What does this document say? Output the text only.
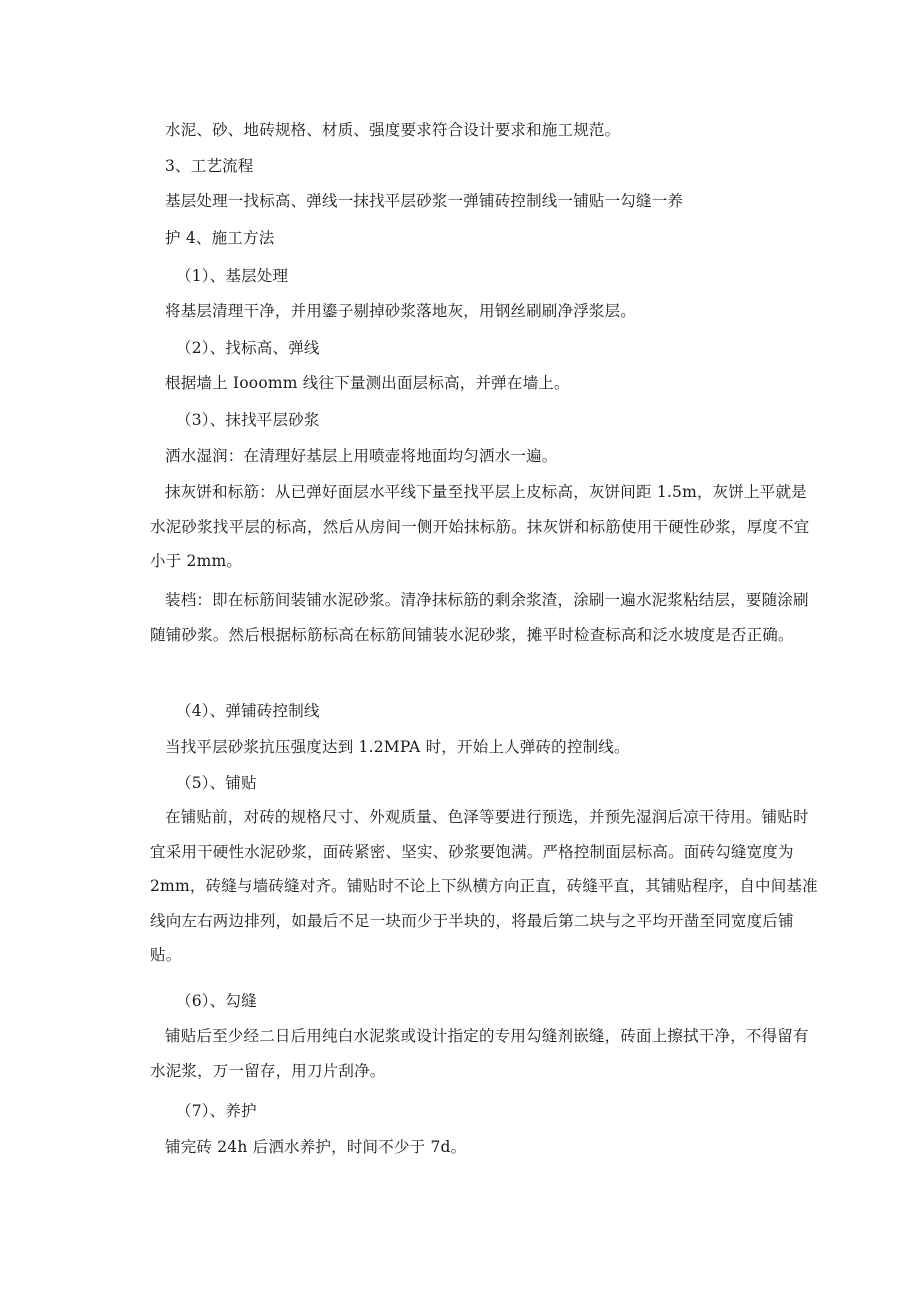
水泥、砂、地砖规格、材质、强度要求符合设计要求和施工规范。
3、工艺流程
基层处理一找标高、弹线一抹找平层砂浆一弹铺砖控制线一铺贴一勾缝一养
护 4、施工方法
（1）、基层处理
将基层清理干净，并用鎏子剔掉砂浆落地灰，用钢丝刷刷净浮浆层。
（2）、找标高、弹线
根据墙上 Ioo​omm 线往下量测出面层标高，并弹在墙上。
（3）、抹找平层砂浆
洒水湿润：在清理好基层上用喷壶将地面均匀洒水一遍。
抹灰饼和标筋：从已弹好面层水平线下量至找平层上皮标高，灰饼间距 1.5m，灰饼上平就是水泥砂浆找平层的标高，然后从房间一侧开始抹标筋。抹灰饼和标筋使用干硬性砂浆，厚度不宜小于 2mm。
装档：即在标筋间装铺水泥砂浆。清净抹标筋的剩余浆渣，涂刷一遍水泥浆粘结层，要随涂刷随铺砂浆。然后根据标筋标高在标筋间铺装水泥砂浆，摊平时检查标高和泛水坡度是否正确。
（4）、弹铺砖控制线
当找平层砂浆抗压强度达到 1.2MPA 时，开始上人弹砖的控制线。
（5）、铺贴
在铺贴前，对砖的规格尺寸、外观质量、色泽等要进行预选，并预先湿润后凉干待用。铺贴时宜采用干硬性水泥砂浆，面砖紧密、坚实、砂浆要饱满。严格控制面层标高。面砖勾缝宽度为 2mm，砖缝与墙砖缝对齐。铺贴时不论上下纵横方向正直，砖缝平直，其铺贴程序，自中间基准线向左右两边排列，如最后不足一块而少于半块的，将最后第二块与之平均开凿至同宽度后铺贴。
（6）、勾缝
铺贴后至少经二日后用纯白水泥浆或设计指定的专用勾缝剂嵌缝，砖面上擦拭干净，不得留有水泥浆，万一留存，用刀片刮净。
（7）、养护
铺完砖 24h 后洒水养护，时间不少于 7d。
